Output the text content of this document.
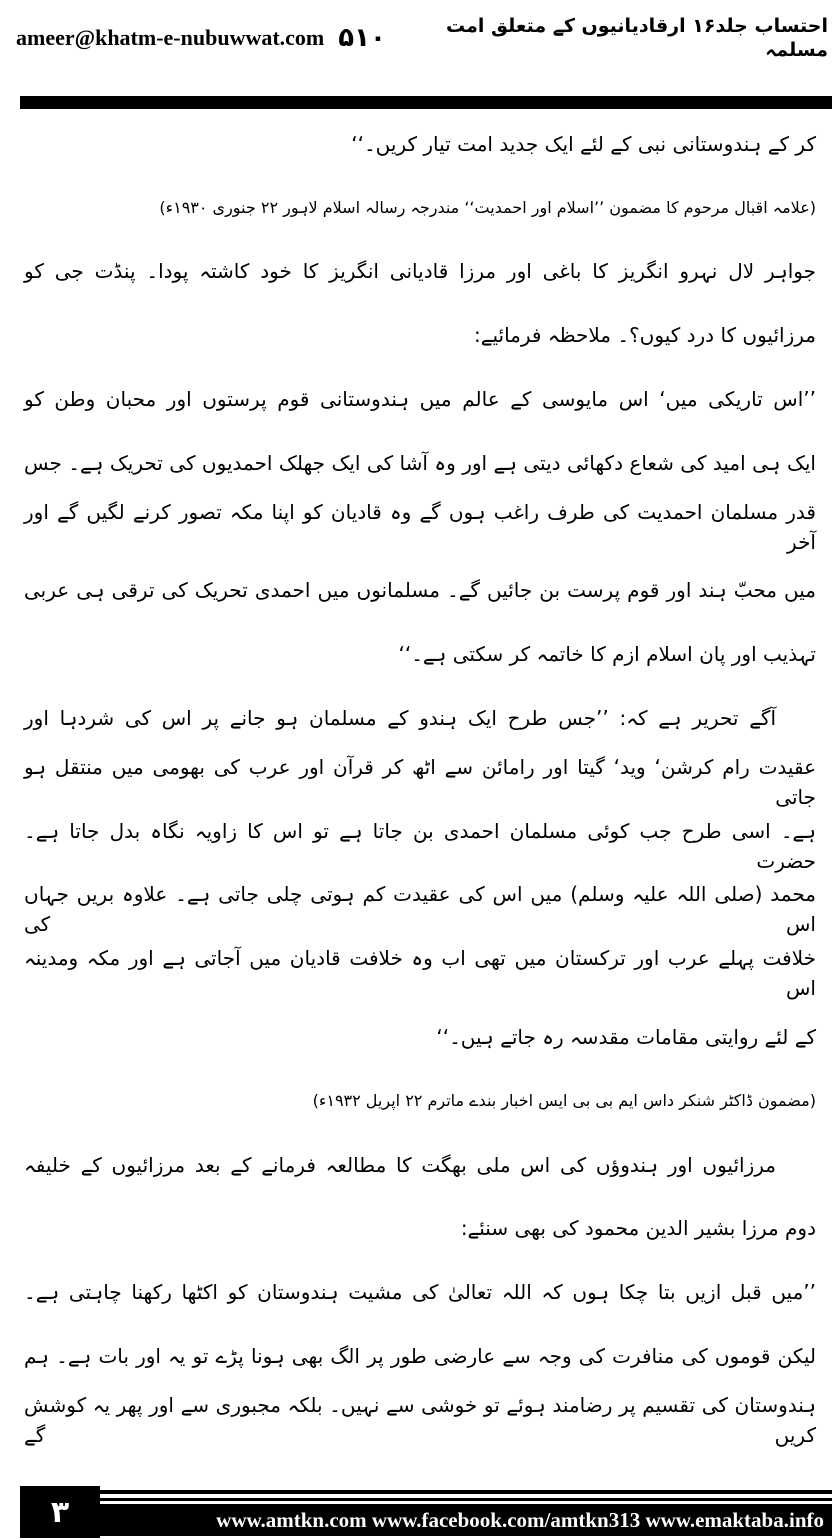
ameer@khatm-e-nubuwwat.com ۵۱۰	احتساب جلد۱۶ ارقادیانیوں کے متعلق امت مسلمہ
کر کے ہندوستانی نبی کے لئے ایک جدید امت تیار کریں۔‘‘
(علامہ اقبال مرحوم کا مضمون ’’اسلام اور احمدیت‘‘ مندرجہ رسالہ اسلام لاہور ۲۲ جنوری ۱۹۳۰ء)
جواہر لال نہرو انگریز کا باغی اور مرزا قادیانی انگریز کا خود کاشتہ پودا۔ پنڈت جی کو
مرزائیوں کا درد کیوں؟۔ ملاحظہ فرمائیے:
’’اس تاریکی میں‘ اس مایوسی کے عالم میں ہندوستانی قوم پرستوں اور محبان وطن کو
ایک ہی امید کی شعاع دکھائی دیتی ہے اور وہ آشا کی ایک جھلک احمدیوں کی تحریک ہے۔ جس
قدر مسلمان احمدیت کی طرف راغب ہوں گے وہ قادیان کو اپنا مکہ تصور کرنے لگیں گے اور آخر
میں محبّ ہند اور قوم پرست بن جائیں گے۔ مسلمانوں میں احمدی تحریک کی ترقی ہی عربی
تہذیب اور پان اسلام ازم کا خاتمہ کر سکتی ہے۔‘‘
آگے تحریر ہے کہ: ’’جس طرح ایک ہندو کے مسلمان ہو جانے پر اس کی شردہا اور
عقیدت رام کرشن‘ وید‘ گیتا اور رامائن سے اٹھ کر قرآن اور عرب کی بھومی میں منتقل ہو جاتی
ہے۔ اسی طرح جب کوئی مسلمان احمدی بن جاتا ہے تو اس کا زاویہ نگاہ بدل جاتا ہے۔ حضرت
محمد (صلی اللہ علیہ وسلم) میں اس کی عقیدت کم ہوتی چلی جاتی ہے۔ علاوہ بریں جہاں اس کی
خلافت پہلے عرب اور ترکستان میں تھی اب وہ خلافت قادیان میں آجاتی ہے اور مکہ ومدینہ اس
کے لئے روایتی مقامات مقدسہ رہ جاتے ہیں۔‘‘
(مضمون ڈاکٹر شنکر داس ایم بی بی ایس اخبار بندے ماترم ۲۲ اپریل ۱۹۳۲ء)
مرزائیوں اور ہندوؤں کی اس ملی بھگت کا مطالعہ فرمانے کے بعد مرزائیوں کے خلیفہ
دوم مرزا بشیر الدین محمود کی بھی سنئے:
’’میں قبل ازیں بتا چکا ہوں کہ اللہ تعالیٰ کی مشیت ہندوستان کو اکٹھا رکھنا چاہتی ہے۔
لیکن قوموں کی منافرت کی وجہ سے عارضی طور پر الگ بھی ہونا پڑے تو یہ اور بات ہے۔ ہم
ہندوستان کی تقسیم پر رضامند ہوئے تو خوشی سے نہیں۔ بلکہ مجبوری سے اور پھر یہ کوشش کریں گے
۳	www.amtkn.com www.facebook.com/amtkn313 www.emaktaba.info
